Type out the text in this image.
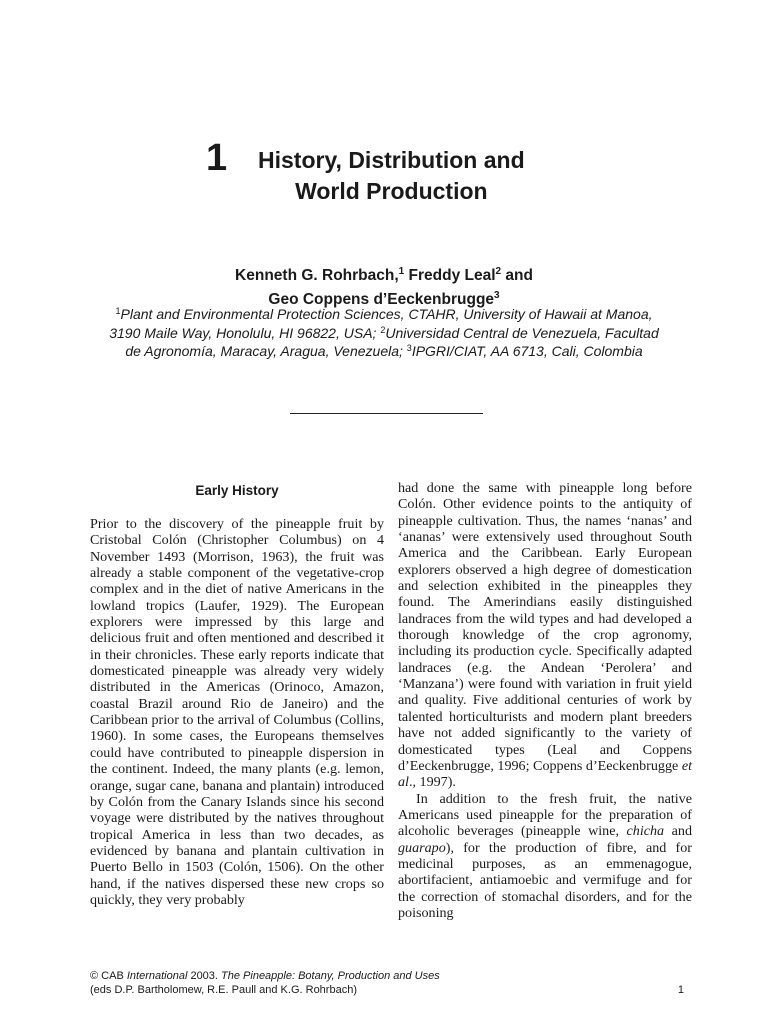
1 History, Distribution and
World Production
Kenneth G. Rohrbach,$^1$ Freddy Leal$^2$ and
Geo Coppens d’Eeckenbrugge$^3$
$^1$Plant and Environmental Protection Sciences, CTAHR, University of Hawaii at Manoa, 3190 Maile Way, Honolulu, HI 96822, USA; $^2$Universidad Central de Venezuela, Facultad de Agronomía, Maracay, Aragua, Venezuela; $^3$IPGRI/CIAT, AA 6713, Cali, Colombia
Early History

Prior to the discovery of the pineapple fruit by Cristobal Colón (Christopher Columbus) on 4 November 1493 (Morrison, 1963), the fruit was already a stable component of the vegetative-crop complex and in the diet of native Americans in the lowland tropics (Laufer, 1929). The European explorers were impressed by this large and delicious fruit and often mentioned and described it in their chronicles. These early reports indicate that domesticated pineapple was already very widely distributed in the Americas (Orinoco, Amazon, coastal Brazil around Rio de Janeiro) and the Caribbean prior to the arrival of Columbus (Collins, 1960). In some cases, the Europeans themselves could have contributed to pineapple dispersion in the continent. Indeed, the many plants (e.g. lemon, orange, sugar cane, banana and plantain) introduced by Colón from the Canary Islands since his second voyage were distributed by the natives throughout tropical America in less than two decades, as evidenced by banana and plantain cultivation in Puerto Bello in 1503 (Colón, 1506). On the other hand, if the natives dispersed these new crops so quickly, they very probably

had done the same with pineapple long before Colón. Other evidence points to the antiquity of pineapple cultivation. Thus, the names ‘nanas’ and ‘ananas’ were extensively used throughout South America and the Caribbean. Early European explorers observed a high degree of domestication and selection exhibited in the pineapples they found. The Amerindians easily distinguished landraces from the wild types and had developed a thorough knowledge of the crop agronomy, including its production cycle. Specifically adapted landraces (e.g. the Andean ‘Perolera’ and ‘Manzana’) were found with variation in fruit yield and quality. Five additional centuries of work by talented horticulturists and modern plant breeders have not added significantly to the variety of domesticated types (Leal and Coppens d’Eeckenbrugge, 1996; Coppens d’Eeckenbrugge et al., 1997).

In addition to the fresh fruit, the native Americans used pineapple for the preparation of alcoholic beverages (pineapple wine, chicha and guarapo), for the production of fibre, and for medicinal purposes, as an emmenagogue, abortifacient, antiamoebic and vermifuge and for the correction of stomachal disorders, and for the poisoning

© CAB International 2003. The Pineapple: Botany, Production and Uses
(eds D.P. Bartholomew, R.E. Paull and K.G. Rohrbach)	1
